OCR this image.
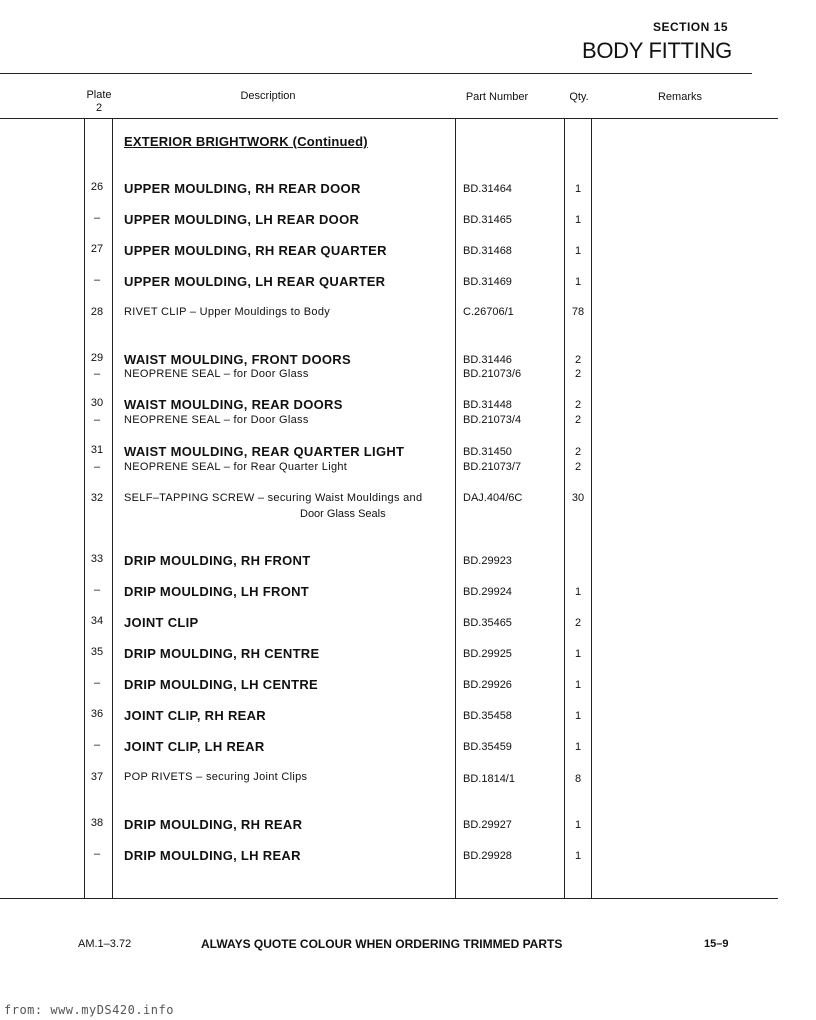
SECTION 15
BODY FITTING
Plate
2
Description	Part Number	Qty.	Remarks
EXTERIOR BRIGHTWORK (Continued)
26	UPPER MOULDING, RH REAR DOOR	BD.31464	1
–	UPPER MOULDING, LH REAR DOOR	BD.31465	1
27	UPPER MOULDING, RH REAR QUARTER	BD.31468	1
–	UPPER MOULDING, LH REAR QUARTER	BD.31469	1
28	RIVET CLIP – Upper Mouldings to Body	C.26706/1	78
29	WAIST MOULDING, FRONT DOORS	BD.31446	2
–	NEOPRENE SEAL – for Door Glass	BD.21073/6	2
30	WAIST MOULDING, REAR DOORS	BD.31448	2
–	NEOPRENE SEAL – for Door Glass	BD.21073/4	2
31	WAIST MOULDING, REAR QUARTER LIGHT	BD.31450	2
–	NEOPRENE SEAL – for Rear Quarter Light	BD.21073/7	2
32	SELF–TAPPING SCREW – securing Waist Mouldings and	DAJ.404/6C	30
Door Glass Seals
33	DRIP MOULDING, RH FRONT	BD.29923
–	DRIP MOULDING, LH FRONT	BD.29924	1
34	JOINT CLIP	BD.35465	2
35	DRIP MOULDING, RH CENTRE	BD.29925	1
–	DRIP MOULDING, LH CENTRE	BD.29926	1
36	JOINT CLIP, RH REAR	BD.35458	1
–	JOINT CLIP, LH REAR	BD.35459	1
37	POP RIVETS – securing Joint Clips	BD.1814/1	8
38	DRIP MOULDING, RH REAR	BD.29927	1
–	DRIP MOULDING, LH REAR	BD.29928	1
AM.1–3.72	ALWAYS QUOTE COLOUR WHEN ORDERING TRIMMED PARTS	15–9
from: www.myDS420.info
